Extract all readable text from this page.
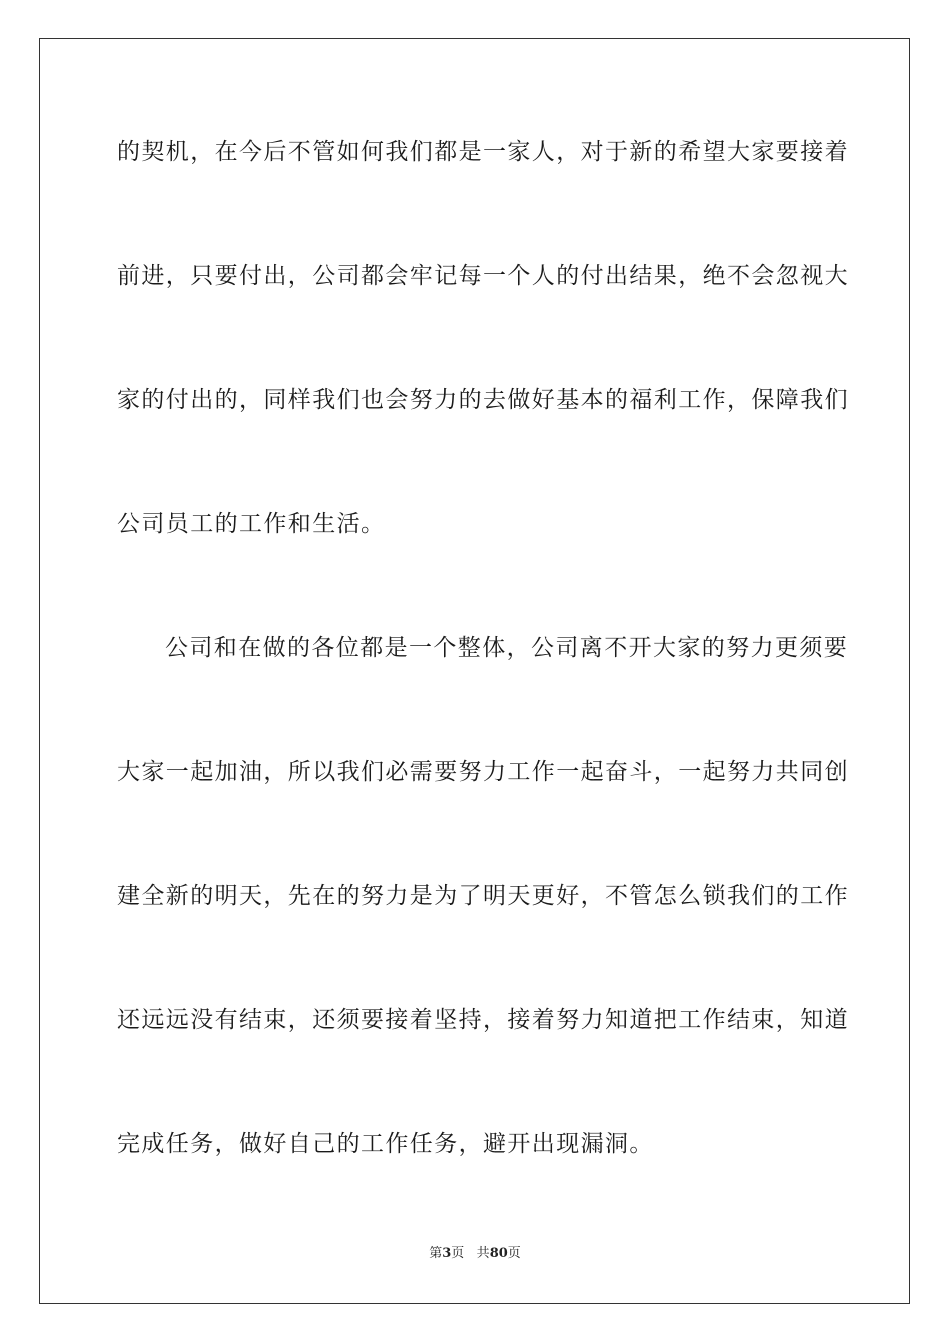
的契机，在今后不管如何我们都是一家人，对于新的希望大家要接着
前进，只要付出，公司都会牢记每一个人的付出结果，绝不会忽视大
家的付出的，同样我们也会努力的去做好基本的福利工作，保障我们
公司员工的工作和生活。
公司和在做的各位都是一个整体，公司离不开大家的努力更须要
大家一起加油，所以我们必需要努力工作一起奋斗，一起努力共同创
建全新的明天，先在的努力是为了明天更好，不管怎么锁我们的工作
还远远没有结束，还须要接着坚持，接着努力知道把工作结束，知道
完成任务，做好自己的工作任务，避开出现漏洞。
第3页 共80页
